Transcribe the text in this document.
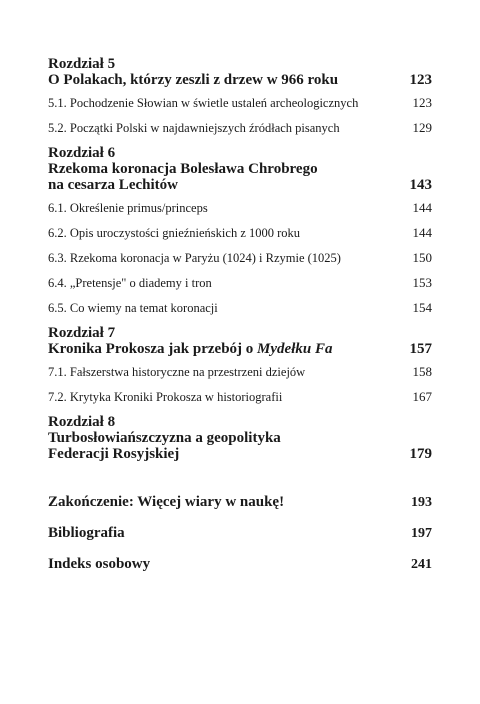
Rozdział 5
O Polakach, którzy zeszli z drzew w 966 roku	123
5.1. Pochodzenie Słowian w świetle ustaleń archeologicznych	123
5.2. Początki Polski w najdawniejszych źródłach pisanych	129
Rozdział 6
Rzekoma koronacja Bolesława Chrobrego
na cesarza Lechitów	143
6.1. Określenie primus/princeps	144
6.2. Opis uroczystości gnieźnieńskich z 1000 roku	144
6.3. Rzekoma koronacja w Paryżu (1024) i Rzymie (1025)	150
6.4. „Pretensje" o diademy i tron	153
6.5. Co wiemy na temat koronacji	154
Rozdział 7
Kronika Prokosza jak przebój o Mydełku Fa	157
7.1. Fałszerstwa historyczne na przestrzeni dziejów	158
7.2. Krytyka Kroniki Prokosza w historiografii	167
Rozdział 8
Turbosłowiańszczyzna a geopolityka
Federacji Rosyjskiej	179
Zakończenie: Więcej wiary w naukę!	193
Bibliografia	197
Indeks osobowy	241
